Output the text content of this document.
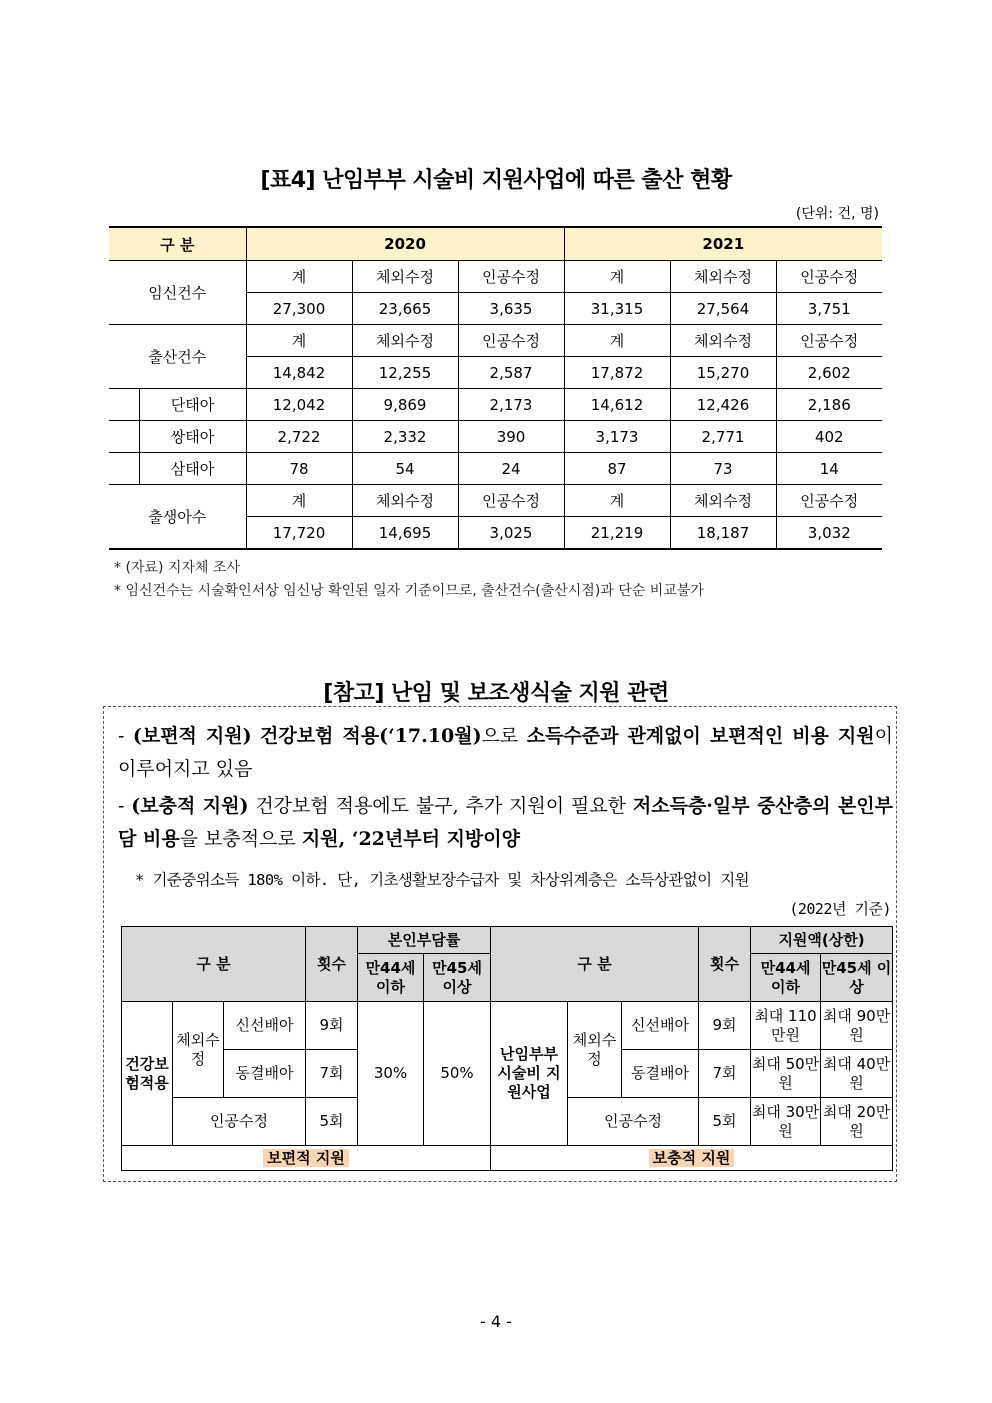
[표4] 난임부부 시술비 지원사업에 따른 출산 현황
(단위: 건, 명)
구 분		2020			2021		
임신건수		계	체외수정	인공수정	계	체외수정	인공수정
		27,300	23,665	3,635	31,315	27,564	3,751
출산건수		계	체외수정	인공수정	계	체외수정	인공수정
		14,842	12,255	2,587	17,872	15,270	2,602
	단태아	12,042	9,869	2,173	14,612	12,426	2,186
	쌍태아	2,722	2,332	390	3,173	2,771	402
	삼태아	78	54	24	87	73	14
출생아수		계	체외수정	인공수정	계	체외수정	인공수정
		17,720	14,695	3,025	21,219	18,187	3,032
* (자료) 지자체 조사
* 임신건수는 시술확인서상 임신낭 확인된 일자 기준이므로, 출산건수(출산시점)과 단순 비교불가
[참고] 난임 및 보조생식술 지원 관련
- (보편적 지원) 건강보험 적용(‘17.10월)으로 소득수준과 관계없이 보편적인 비용 지원이 이루어지고 있음
- (보충적 지원) 건강보험 적용에도 불구, 추가 지원이 필요한 저소득층·일부 중산층의 본인부담 비용을 보충적으로 지원, ‘22년부터 지방이양
* 기준중위소득 180% 이하. 단, 기초생활보장수급자 및 차상위계층은 소득상관없이 지원
(2022년 기준)
구 분			횟수	본인부담률		구 분			횟수	지원액(상한)	
				만44세 이하	만45세 이상					만44세 이하	만45세 이상
건강보험적용	체외수정	신선배아	9회	30%	50%	난임부부 시술비 지원사업	체외수정	신선배아	9회	최대 110만원	최대 90만원
		동결배아	7회					동결배아	7회	최대 50만원	최대 40만원
	인공수정		5회				인공수정		5회	최대 30만원	최대 20만원
보편적 지원						보충적 지원					
- 4 -
